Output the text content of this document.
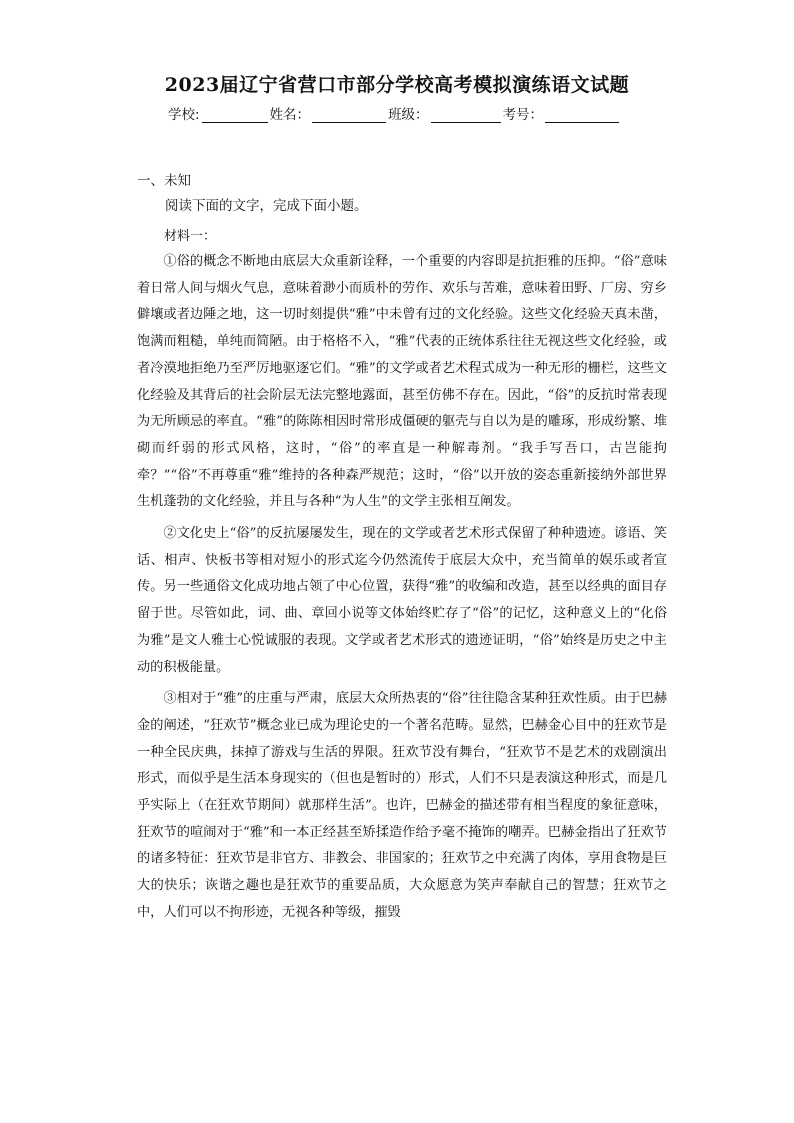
2023届辽宁省营口市部分学校高考模拟演练语文试题
学校:	姓名：	班级：	考号：
一、未知
阅读下面的文字，完成下面小题。
材料一：

①俗的概念不断地由底层大众重新诠释，一个重要的内容即是抗拒雅的压抑。“俗”意味着日常人间与烟火气息，意味着渺小而质朴的劳作、欢乐与苦难，意味着田野、厂房、穷乡僻壤或者边陲之地，这一切时刻提供“雅”中未曾有过的文化经验。这些文化经验天真未凿，饱满而粗糙，单纯而简陋。由于格格不入，“雅”代表的正统体系往往无视这些文化经验，或者冷漠地拒绝乃至严厉地驱逐它们。“雅”的文学或者艺术程式成为一种无形的栅栏，这些文化经验及其背后的社会阶层无法完整地露面，甚至仿佛不存在。因此，“俗”的反抗时常表现为无所顾忌的率直。“雅”的陈陈相因时常形成僵硬的躯壳与自以为是的雕琢，形成纷繁、堆砌而纤弱的形式风格，这时，“俗”的率直是一种解毒剂。“我手写吾口，古岂能拘牵？”“俗”不再尊重“雅”维持的各种森严规范；这时，“俗”以开放的姿态重新接纳外部世界生机蓬勃的文化经验，并且与各种“为人生”的文学主张相互阐发。

②文化史上“俗”的反抗屡屡发生，现在的文学或者艺术形式保留了种种遗迹。谚语、笑话、相声、快板书等相对短小的形式迄今仍然流传于底层大众中，充当简单的娱乐或者宣传。另一些通俗文化成功地占领了中心位置，获得“雅”的收编和改造，甚至以经典的面目存留于世。尽管如此，词、曲、章回小说等文体始终贮存了“俗”的记忆，这种意义上的“化俗为雅”是文人雅士心悦诚服的表现。文学或者艺术形式的遗迹证明，“俗”始终是历史之中主动的积极能量。

③相对于“雅”的庄重与严肃，底层大众所热衷的“俗”往往隐含某种狂欢性质。由于巴赫金的阐述，“狂欢节”概念业已成为理论史的一个著名范畴。显然，巴赫金心目中的狂欢节是一种全民庆典，抹掉了游戏与生活的界限。狂欢节没有舞台，“狂欢节不是艺术的戏剧演出形式，而似乎是生活本身现实的（但也是暂时的）形式，人们不只是表演这种形式，而是几乎实际上（在狂欢节期间）就那样生活”。也许，巴赫金的描述带有相当程度的象征意味，狂欢节的喧闹对于“雅”和一本正经甚至矫揉造作给予毫不掩饰的嘲弄。巴赫金指出了狂欢节的诸多特征：狂欢节是非官方、非教会、非国家的；狂欢节之中充满了肉体，享用食物是巨大的快乐；诙谐之趣也是狂欢节的重要品质，大众愿意为笑声奉献自己的智慧；狂欢节之中，人们可以不拘形迹，无视各种等级，摧毁
